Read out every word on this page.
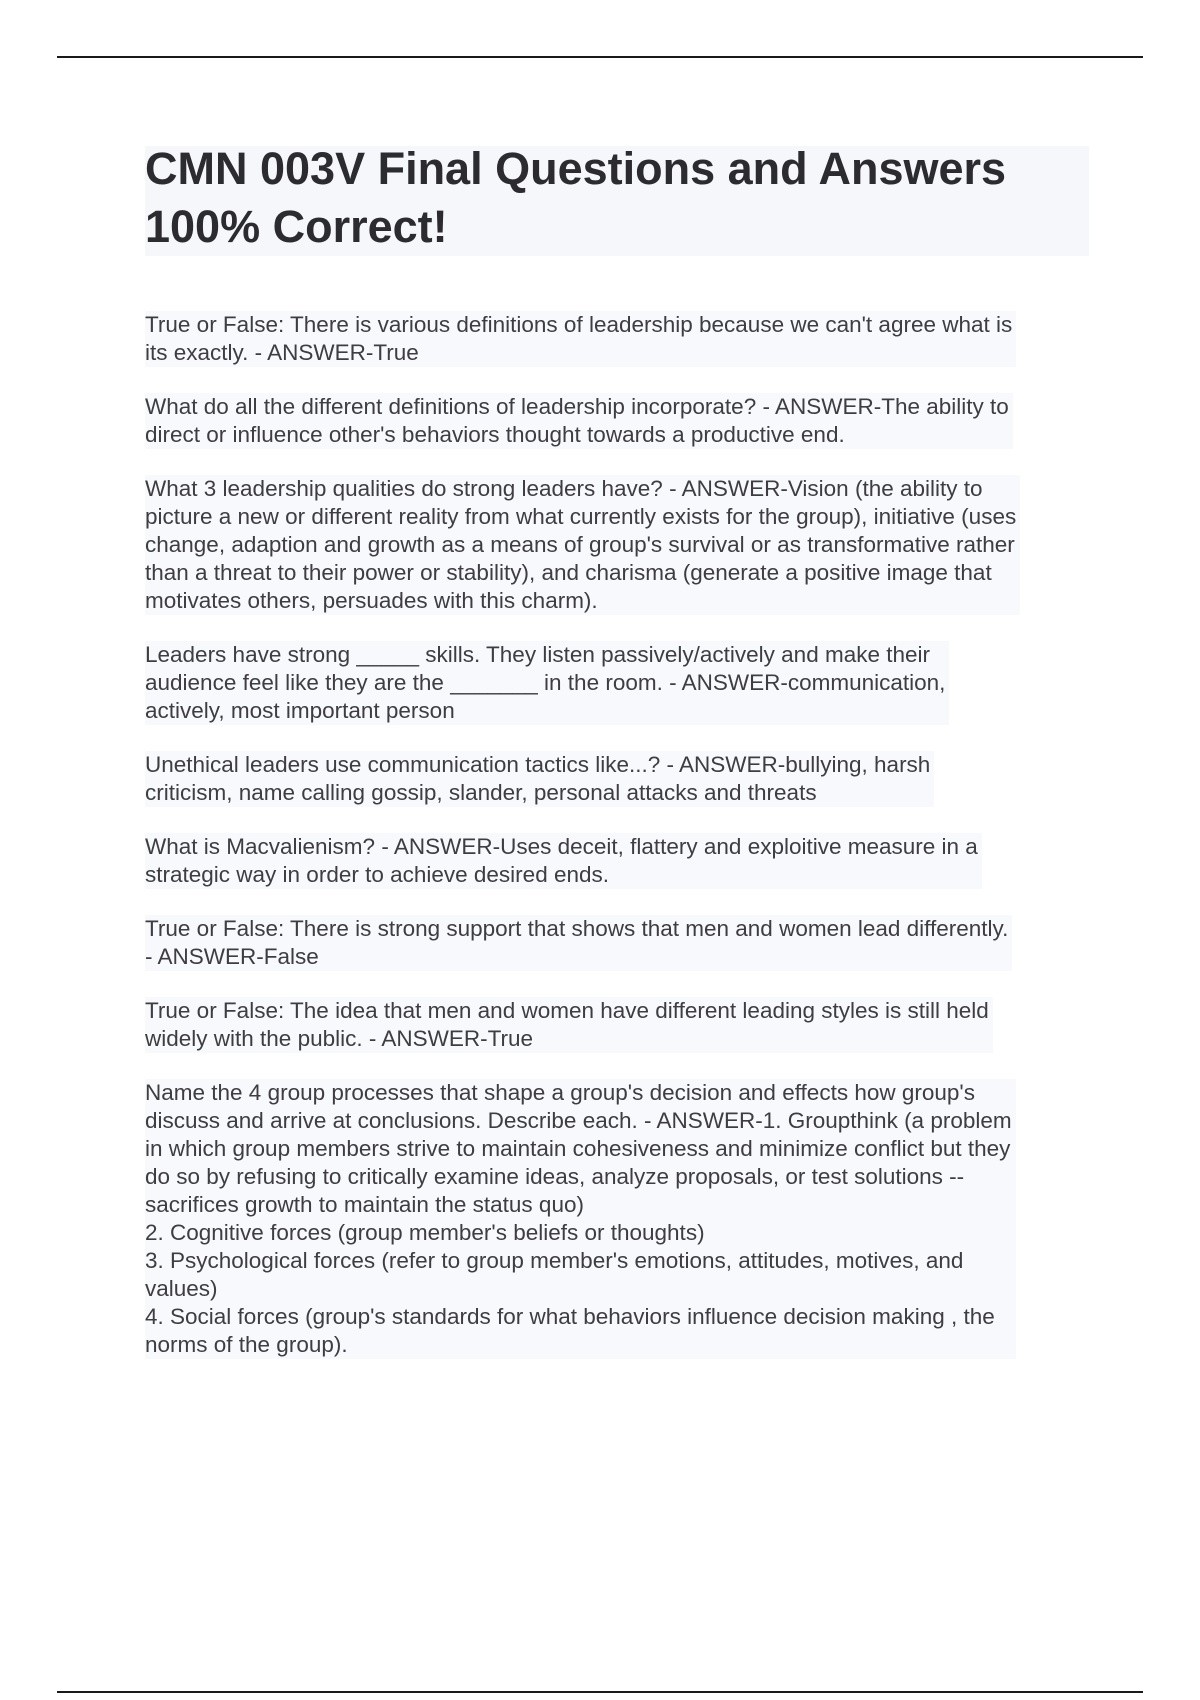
CMN 003V Final Questions and Answers
100% Correct!

True or False: There is various definitions of leadership because we can't agree what is
its exactly. - ANSWER-True

What do all the different definitions of leadership incorporate? - ANSWER-The ability to
direct or influence other's behaviors thought towards a productive end.

What 3 leadership qualities do strong leaders have? - ANSWER-Vision (the ability to
picture a new or different reality from what currently exists for the group), initiative (uses
change, adaption and growth as a means of group's survival or as transformative rather
than a threat to their power or stability), and charisma (generate a positive image that
motivates others, persuades with this charm).

Leaders have strong _____ skills. They listen passively/actively and make their
audience feel like they are the _______ in the room. - ANSWER-communication,
actively, most important person

Unethical leaders use communication tactics like...? - ANSWER-bullying, harsh
criticism, name calling gossip, slander, personal attacks and threats

What is Macvalienism? - ANSWER-Uses deceit, flattery and exploitive measure in a
strategic way in order to achieve desired ends.

True or False: There is strong support that shows that men and women lead differently.
- ANSWER-False

True or False: The idea that men and women have different leading styles is still held
widely with the public. - ANSWER-True

Name the 4 group processes that shape a group's decision and effects how group's
discuss and arrive at conclusions. Describe each. - ANSWER-1. Groupthink (a problem
in which group members strive to maintain cohesiveness and minimize conflict but they
do so by refusing to critically examine ideas, analyze proposals, or test solutions --
sacrifices growth to maintain the status quo)
2. Cognitive forces (group member's beliefs or thoughts)
3. Psychological forces (refer to group member's emotions, attitudes, motives, and
values)
4. Social forces (group's standards for what behaviors influence decision making , the
norms of the group).
